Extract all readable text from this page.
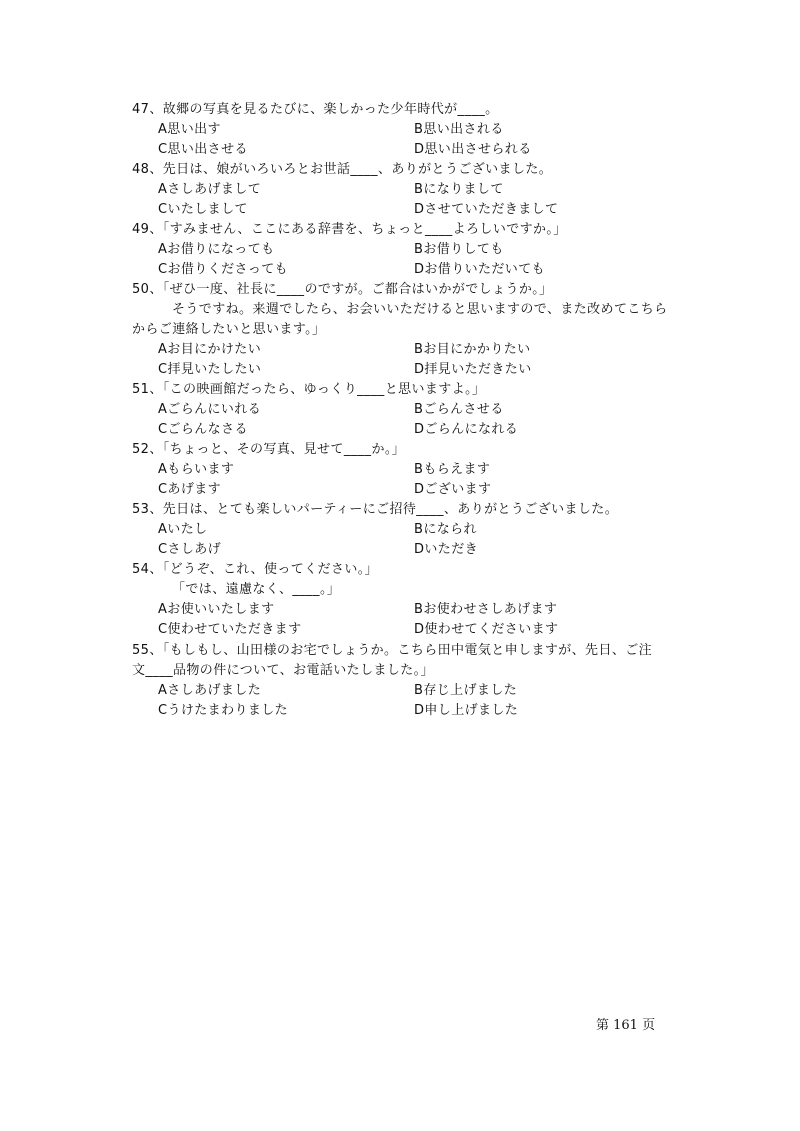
47、故郷の写真を見るたびに、楽しかった少年時代が____。
A思い出す	B思い出される
C思い出させる	D思い出させられる
48、先日は、娘がいろいろとお世話____、ありがとうございました。
Aさしあげまして	Bになりまして
Cいたしまして	Dさせていただきまして
49、「すみません、ここにある辞書を、ちょっと____よろしいですか。」
Aお借りになっても	Bお借りしても
Cお借りくださっても	Dお借りいただいても
50、「ぜひ一度、社長に____のですが。ご都合はいかがでしょうか。」
そうですね。来週でしたら、お会いいただけると思いますので、また改めてこちら
からご連絡したいと思います。」
Aお目にかけたい	Bお目にかかりたい
C拝見いたしたい	D拝見いただきたい
51、「この映画館だったら、ゆっくり____と思いますよ。」
Aごらんにいれる	Bごらんさせる
Cごらんなさる	Dごらんになれる
52、「ちょっと、その写真、見せて____か。」
Aもらいます	Bもらえます
Cあげます	Dございます
53、先日は、とても楽しいパーティーにご招待____、ありがとうございました。
Aいたし	Bになられ
Cさしあげ	Dいただき
54、「どうぞ、これ、使ってください。」
「では、遠慮なく、____。」
Aお使いいたします	Bお使わせさしあげます
C使わせていただきます	D使わせてくださいます
55、「もしもし、山田様のお宅でしょうか。こちら田中電気と申しますが、先日、ご注
文____品物の件について、お電話いたしました。」
Aさしあげました	B存じ上げました
Cうけたまわりました	D申し上げました
第 161 页
